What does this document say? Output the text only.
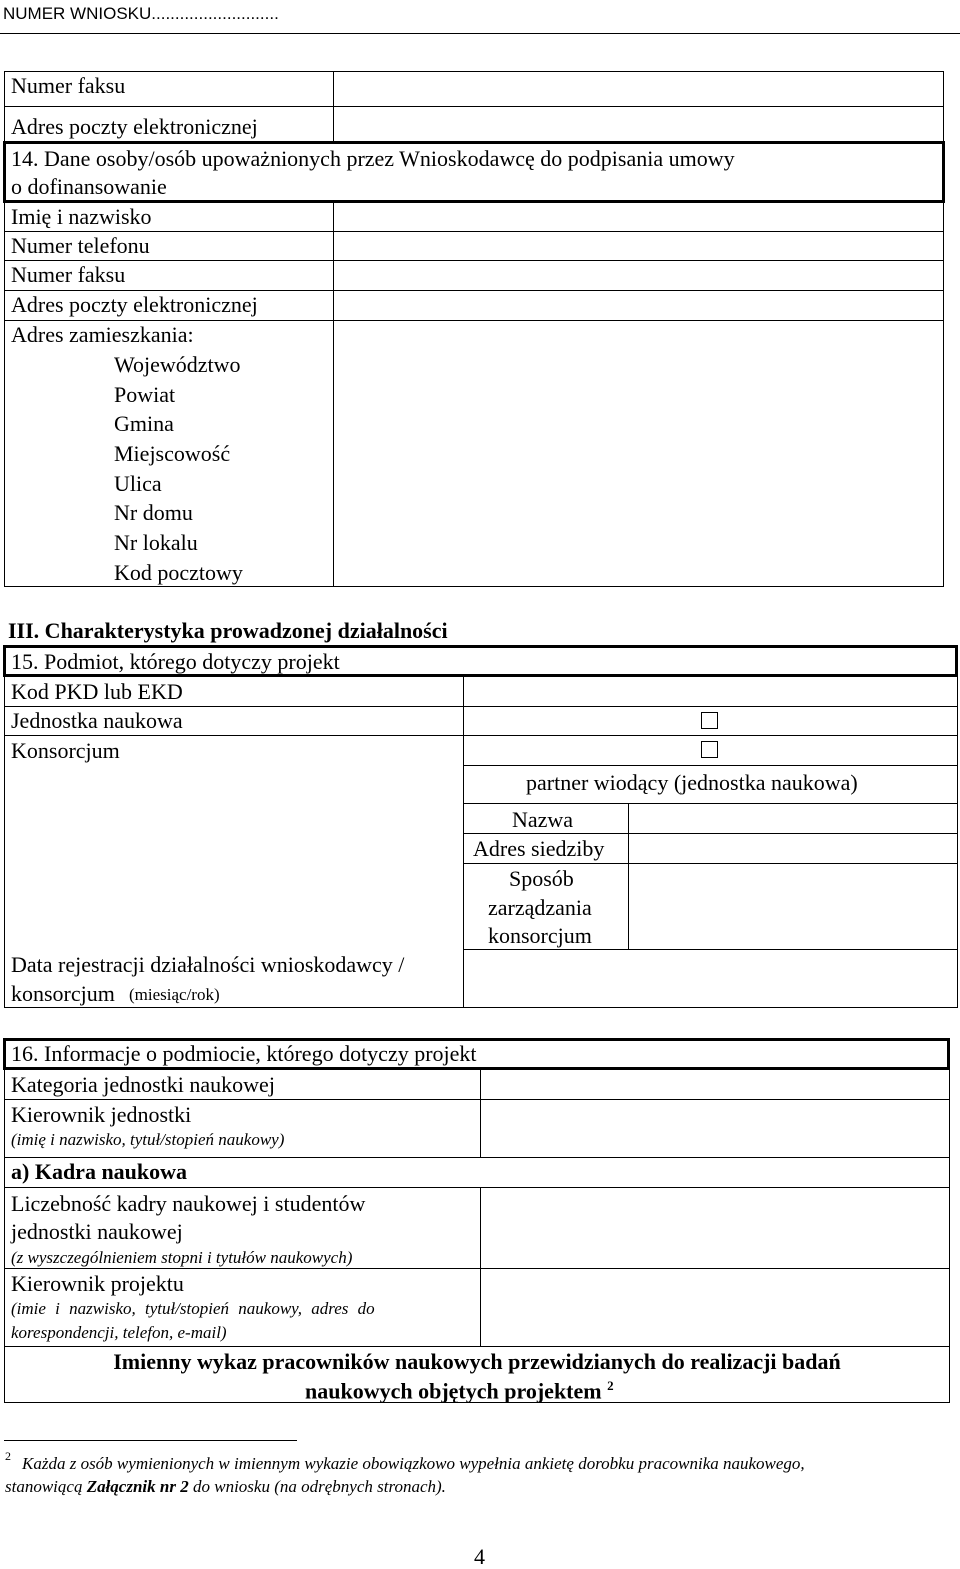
NUMER WNIOSKU...........................
Numer faksu
Adres poczty elektronicznej
14. Dane osoby/osób upoważnionych przez Wnioskodawcę do podpisania umowy
o dofinansowanie
Imię i nazwisko
Numer telefonu
Numer faksu
Adres poczty elektronicznej
Adres zamieszkania:
Województwo
Powiat
Gmina
Miejscowość
Ulica
Nr domu
Nr lokalu
Kod pocztowy
III. Charakterystyka prowadzonej działalności
15. Podmiot, którego dotyczy projekt
Kod PKD lub EKD
Jednostka naukowa
Konsorcjum
partner wiodący (jednostka naukowa)
Nazwa
Adres siedziby
Sposób
zarządzania
konsorcjum
Data rejestracji działalności wnioskodawcy /
konsorcjum (miesiąc/rok)
16. Informacje o podmiocie, którego dotyczy projekt
Kategoria jednostki naukowej
Kierownik jednostki
(imię i nazwisko, tytuł/stopień naukowy)
a) Kadra naukowa
Liczebność kadry naukowej i studentów
jednostki naukowej
(z wyszczególnieniem stopni i tytułów naukowych)
Kierownik projektu
(imie i nazwisko, tytuł/stopień naukowy, adres do
korespondencji, telefon, e-mail)
Imienny wykaz pracowników naukowych przewidzianych do realizacji badań
naukowych objętych projektem $^2$
2 Każda z osób wymienionych w imiennym wykazie obowiązkowo wypełnia ankietę dorobku pracownika naukowego,
stanowiącą Załącznik nr 2 do wniosku (na odrębnych stronach).
4
